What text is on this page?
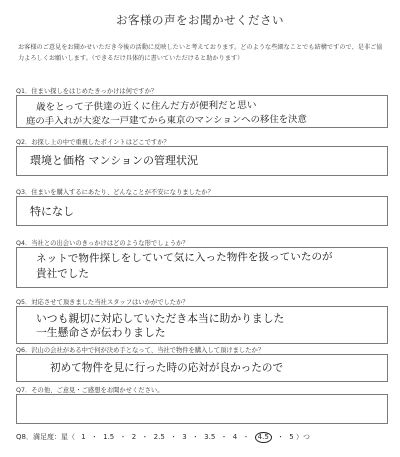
お客様の声をお聞かせください
お客様のご意見をお聞かせいただき今後の活動に反映したいと考えております。どのような些細なことでも結構ですので、是非ご協力よろしくお願いします。（できるだけ具体的に書いていただけると助かります）
Q1．住まい探しをはじめたきっかけは何ですか？
歳をとって子供達の近くに住んだ方が便利だと思い
庭の手入れが大変な一戸建てから東京のマンションへの移住を決意
Q2．お探し上の中で重視したポイントはどこですか？
環境と価格 マンションの管理状況
Q3．住まいを購入するにあたり、どんなことが不安になりましたか？
特になし
Q4．当社との出会いのきっかけはどのような形でしょうか？
ネットで物件探しをしていて気に入った物件を扱っていたのが
貴社でした
Q5．対応させて頂きました当社スタッフはいかがでしたか？
いつも親切に対応していただき本当に助かりました
一生懸命さが伝わりました
Q6．沢山の会社がある中で何が決め手となって、当社で物件を購入して頂けましたか？
初めて物件を見に行った時の応対が良かったので
Q7．その他、ご意見・ご感想をお聞かせください。
Q8．満足度：星（ 1 ・ 1.5 ・ 2 ・ 2.5 ・ 3 ・ 3.5 ・ 4 ・ 4.5 ・ 5 ）つ
